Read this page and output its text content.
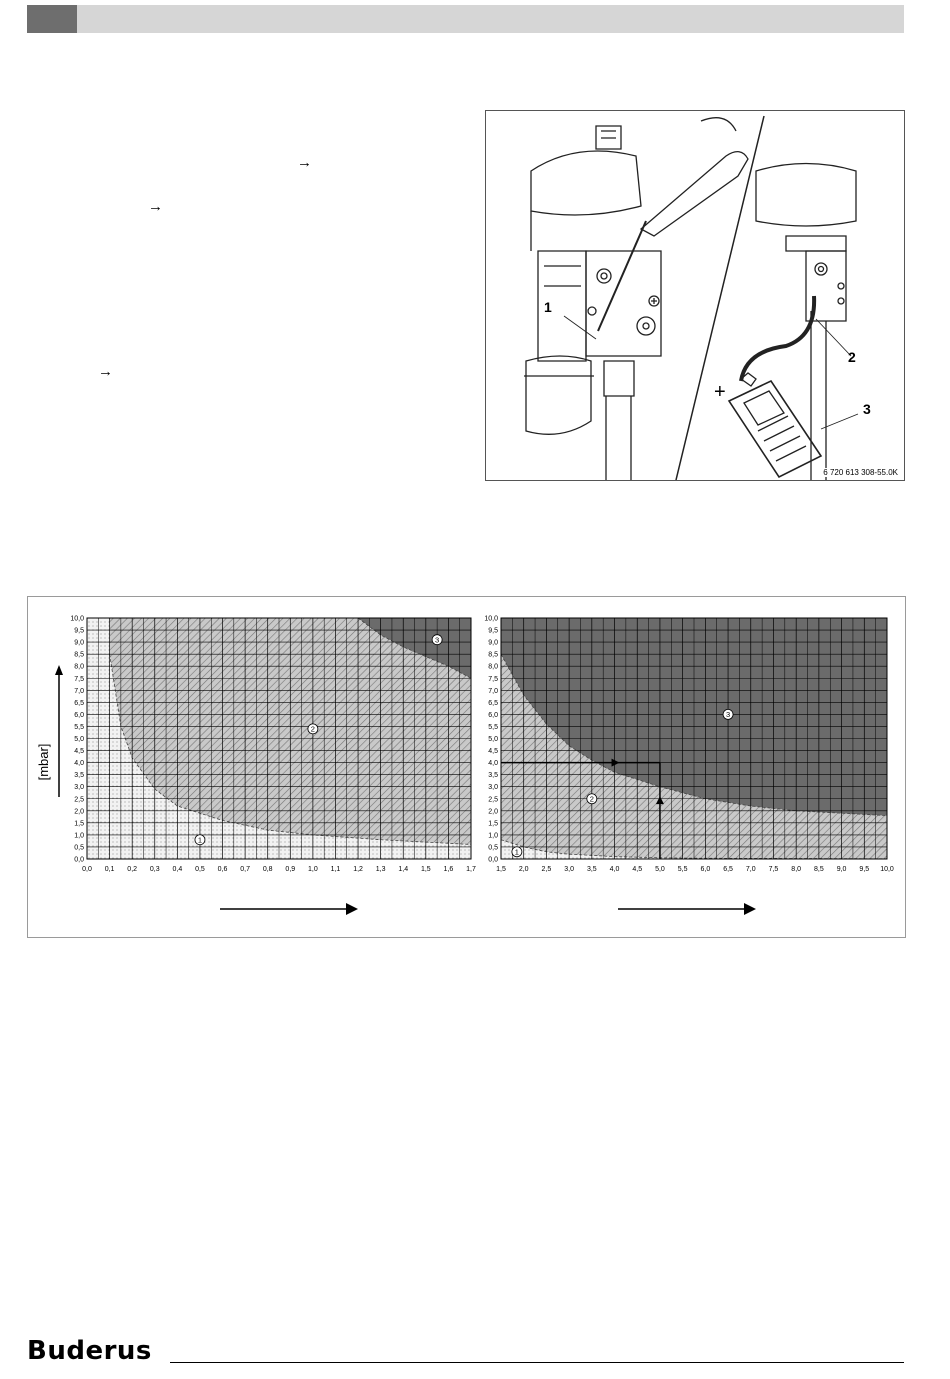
→
→
→
1
2
3
+
6 720 613 308-55.0K
[mbar]
0,0 0,1 0,2 0,3 0,4 0,5 0,6 0,7 0,8 0,9 1,0 1,1 1,2 1,3 1,4 1,5 1,6 1,7
0,0
0,5
1,0
1,5
2,0
2,5
3,0
3,5
4,0
4,5
5,0
5,5
6,0
6,5
7,0
7,5
8,0
8,5
9,0
9,5
10,0
1
2
3
1,5 2,0 2,5 3,0 3,5 4,0 4,5 5,0 5,5 6,0 6,5 7,0 7,5 8,0 8,5 9,0 9,5 10,0
0,0
0,5
1,0
1,5
2,0
2,5
3,0
3,5
4,0
4,5
5,0
5,5
6,0
6,5
7,0
7,5
8,0
8,5
9,0
9,5
10,0
1
2
3
Buderus
